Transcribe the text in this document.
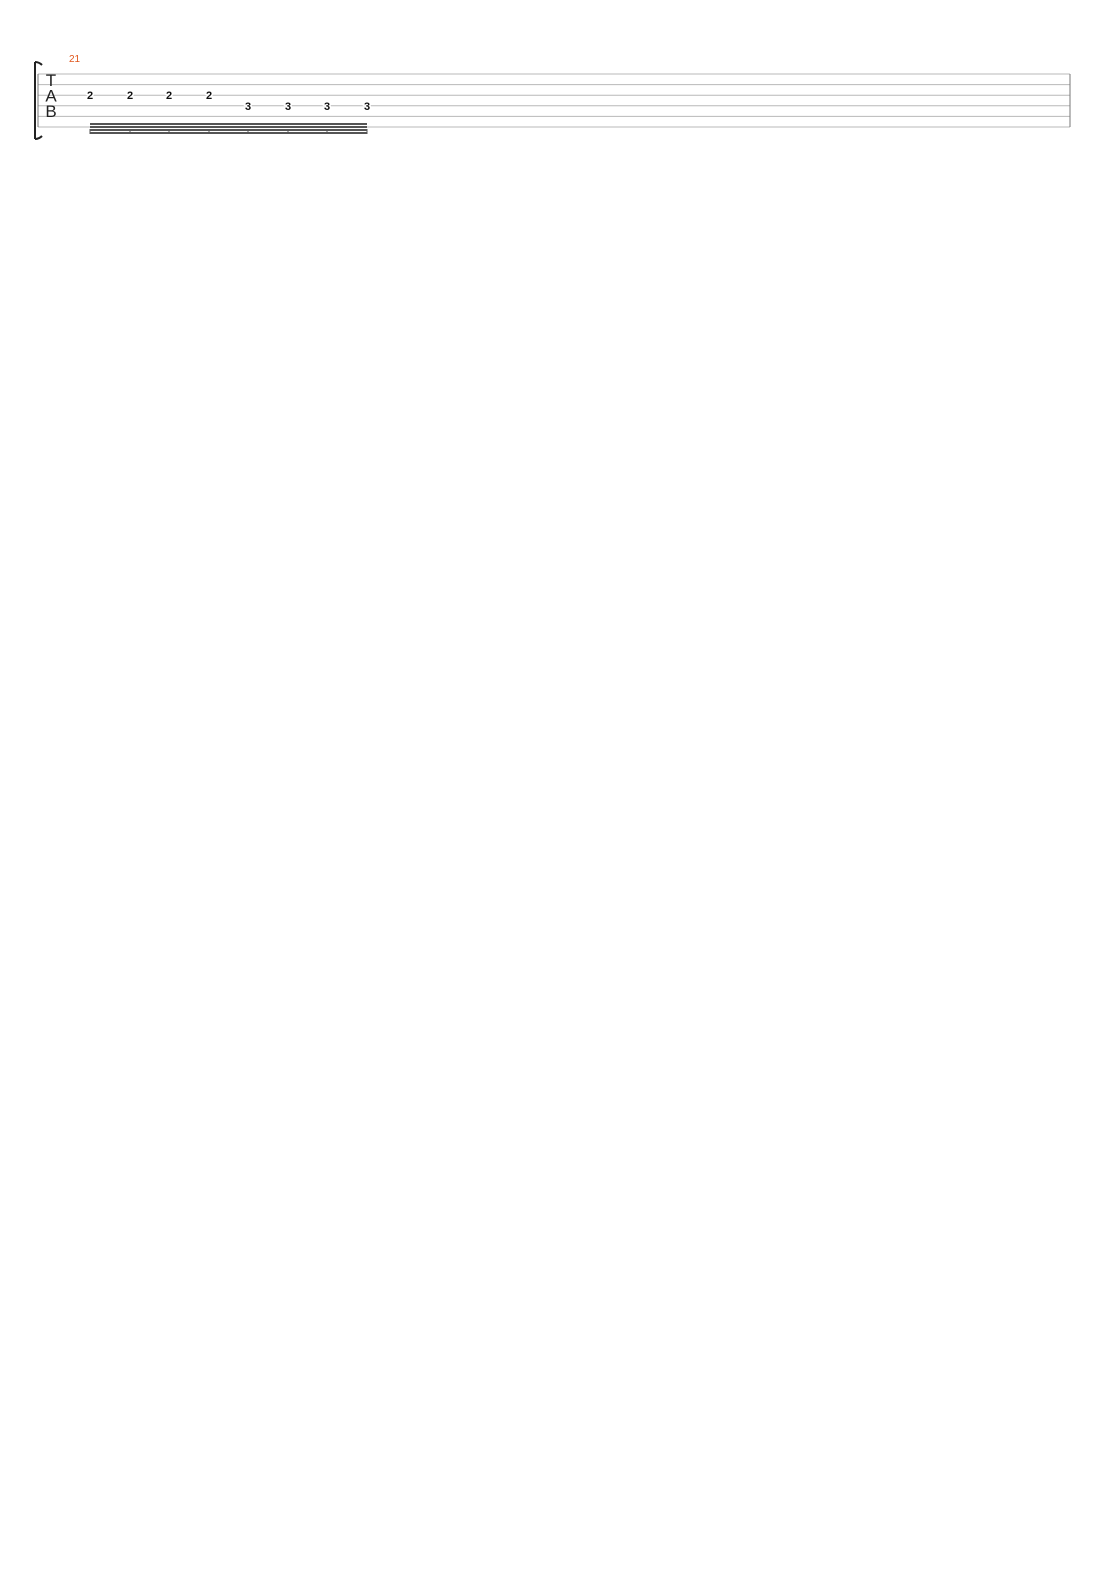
T
A
B
21
2	2	2	2
3	3	3	3
